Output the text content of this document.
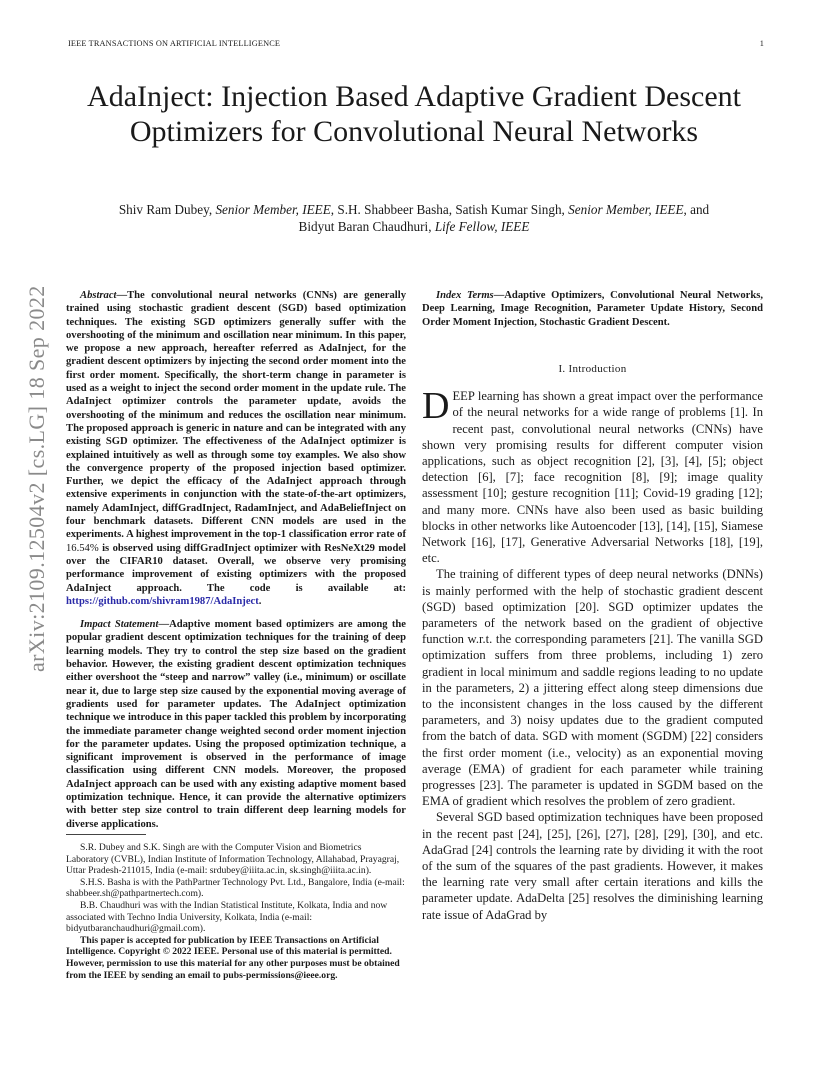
IEEE TRANSACTIONS ON ARTIFICIAL INTELLIGENCE	1
AdaInject: Injection Based Adaptive Gradient Descent Optimizers for Convolutional Neural Networks
Shiv Ram Dubey, Senior Member, IEEE, S.H. Shabbeer Basha, Satish Kumar Singh, Senior Member, IEEE, and
Bidyut Baran Chaudhuri, Life Fellow, IEEE
arXiv:2109.12504v2 [cs.LG] 18 Sep 2022	Abstract—The convolutional neural networks (CNNs) are generally trained using stochastic gradient descent (SGD) based optimization techniques. The existing SGD optimizers generally suffer with the overshooting of the minimum and oscillation near minimum. In this paper, we propose a new approach, hereafter referred as AdaInject, for the gradient descent optimizers by injecting the second order moment into the first order moment. Specifically, the short-term change in parameter is used as a weight to inject the second order moment in the update rule. The AdaInject optimizer controls the parameter update, avoids the overshooting of the minimum and reduces the oscillation near minimum. The proposed approach is generic in nature and can be integrated with any existing SGD optimizer. The effectiveness of the AdaInject optimizer is explained intuitively as well as through some toy examples. We also show the convergence property of the proposed injection based optimizer. Further, we depict the efficacy of the AdaInject approach through extensive experiments in conjunction with the state-of-the-art optimizers, namely AdamInject, diffGradInject, RadamInject, and AdaBeliefInject on four benchmark datasets. Different CNN models are used in the experiments. A highest improvement in the top-1 classification error rate of 16.54% is observed using diffGradInject optimizer with ResNeXt29 model over the CIFAR10 dataset. Overall, we observe very promising performance improvement of existing optimizers with the proposed AdaInject approach. The code is available at: https://github.com/shivram1987/AdaInject.

Impact Statement—Adaptive moment based optimizers are among the popular gradient descent optimization techniques for the training of deep learning models. They try to control the step size based on the gradient behavior. However, the existing gradient descent optimization techniques either overshoot the “steep and narrow” valley (i.e., minimum) or oscillate near it, due to large step size caused by the exponential moving average of gradients used for parameter updates. The AdaInject optimization technique we introduce in this paper tackled this problem by incorporating the immediate parameter change weighted second order moment injection for the parameter updates. Using the proposed optimization technique, a significant improvement is observed in the performance of image classification using different CNN models. Moreover, the proposed AdaInject approach can be used with any existing adaptive moment based optimization technique. Hence, it can provide the alternative optimizers with better step size control to train different deep learning models for diverse applications.

S.R. Dubey and S.K. Singh are with the Computer Vision and Biometrics Laboratory (CVBL), Indian Institute of Information Technology, Allahabad, Prayagraj, Uttar Pradesh-211015, India (e-mail: srdubey@iiita.ac.in, sk.singh@iiita.ac.in).

S.H.S. Basha is with the PathPartner Technology Pvt. Ltd., Bangalore, India (e-mail: shabbeer.sh@pathpartnertech.com).

B.B. Chaudhuri was with the Indian Statistical Institute, Kolkata, India and now associated with Techno India University, Kolkata, India (e-mail: bidyutbaranchaudhuri@gmail.com).

This paper is accepted for publication by IEEE Transactions on Artificial Intelligence. Copyright © 2022 IEEE. Personal use of this material is permitted. However, permission to use this material for any other purposes must be obtained from the IEEE by sending an email to pubs-permissions@ieee.org.

Index Terms—Adaptive Optimizers, Convolutional Neural Networks, Deep Learning, Image Recognition, Parameter Update History, Second Order Moment Injection, Stochastic Gradient Descent.

I. Introduction

DEEP learning has shown a great impact over the performance of the neural networks for a wide range of problems [1]. In recent past, convolutional neural networks (CNNs) have shown very promising results for different computer vision applications, such as object recognition [2], [3], [4], [5]; object detection [6], [7]; face recognition [8], [9]; image quality assessment [10]; gesture recognition [11]; Covid-19 grading [12]; and many more. CNNs have also been used as basic building blocks in other networks like Autoencoder [13], [14], [15], Siamese Network [16], [17], Generative Adversarial Networks [18], [19], etc.

The training of different types of deep neural networks (DNNs) is mainly performed with the help of stochastic gradient descent (SGD) based optimization [20]. SGD optimizer updates the parameters of the network based on the gradient of objective function w.r.t. the corresponding parameters [21]. The vanilla SGD optimization suffers from three problems, including 1) zero gradient in local minimum and saddle regions leading to no update in the parameters, 2) a jittering effect along steep dimensions due to the inconsistent changes in the loss caused by the different parameters, and 3) noisy updates due to the gradient computed from the batch of data. SGD with moment (SGDM) [22] considers the first order moment (i.e., velocity) as an exponential moving average (EMA) of gradient for each parameter while training progresses [23]. The parameter is updated in SGDM based on the EMA of gradient which resolves the problem of zero gradient.

Several SGD based optimization techniques have been proposed in the recent past [24], [25], [26], [27], [28], [29], [30], and etc. AdaGrad [24] controls the learning rate by dividing it with the root of the sum of the squares of the past gradients. However, it makes the learning rate very small after certain iterations and kills the parameter update. AdaDelta [25] resolves the diminishing learning rate issue of AdaGrad by
